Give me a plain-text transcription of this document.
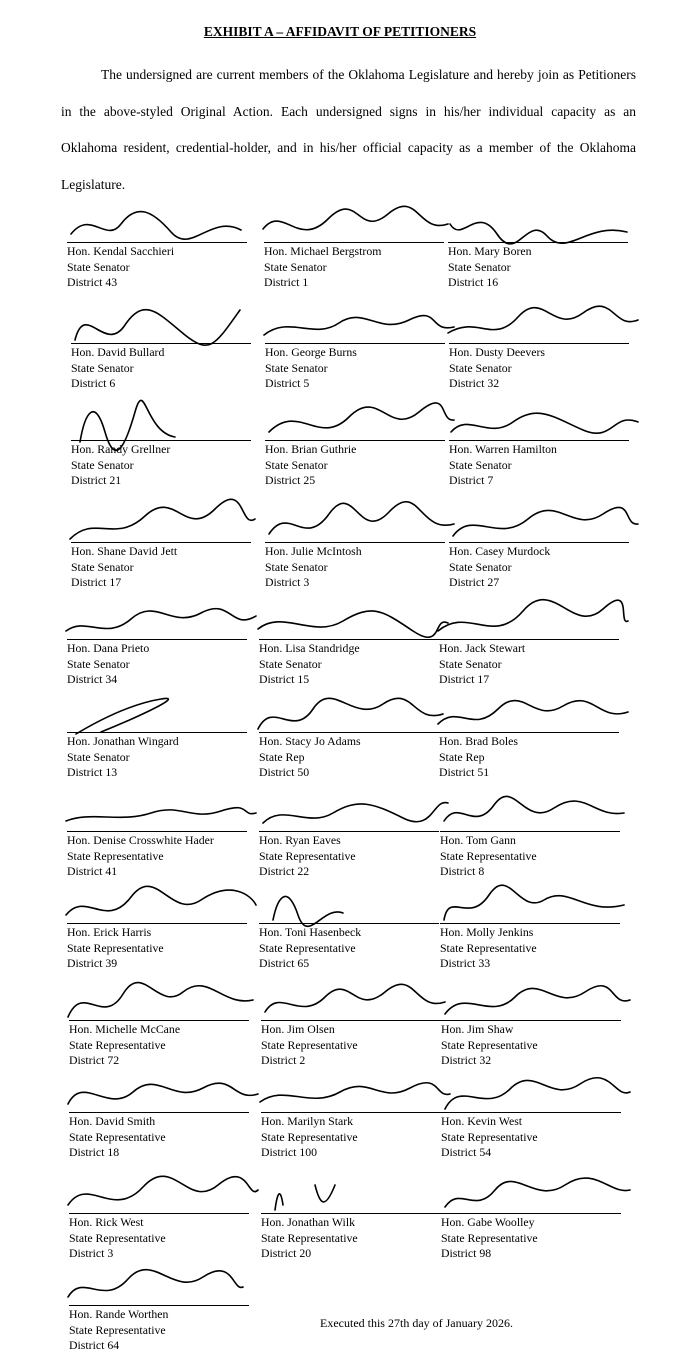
EXHIBIT A – AFFIDAVIT OF PETITIONERS
The undersigned are current members of the Oklahoma Legislature and hereby join as Petitioners in the above-styled Original Action. Each undersigned signs in his/her individual capacity as an Oklahoma resident, credential-holder, and in his/her official capacity as a member of the Oklahoma Legislature.
Hon. Kendal Sacchieri
State Senator
District 43
Hon. Michael Bergstrom
State Senator
District 1
Hon. Mary Boren
State Senator
District 16
Hon. David Bullard
State Senator
District 6
Hon. George Burns
State Senator
District 5
Hon. Dusty Deevers
State Senator
District 32
Hon. Randy Grellner
State Senator
District 21
Hon. Brian Guthrie
State Senator
District 25
Hon. Warren Hamilton
State Senator
District 7
Hon. Shane David Jett
State Senator
District 17
Hon. Julie McIntosh
State Senator
District 3
Hon. Casey Murdock
State Senator
District 27
Hon. Dana Prieto
State Senator
District 34
Hon. Lisa Standridge
State Senator
District 15
Hon. Jack Stewart
State Senator
District 17
Hon. Jonathan Wingard
State Senator
District 13
Hon. Stacy Jo Adams
State Rep
District 50
Hon. Brad Boles
State Rep
District 51
Hon. Denise Crosswhite Hader
State Representative
District 41
Hon. Ryan Eaves
State Representative
District 22
Hon. Tom Gann
State Representative
District 8
Hon. Erick Harris
State Representative
District 39
Hon. Toni Hasenbeck
State Representative
District 65
Hon. Molly Jenkins
State Representative
District 33
Hon. Michelle McCane
State Representative
District 72
Hon. Jim Olsen
State Representative
District 2
Hon. Jim Shaw
State Representative
District 32
Hon. David Smith
State Representative
District 18
Hon. Marilyn Stark
State Representative
District 100
Hon. Kevin West
State Representative
District 54
Hon. Rick West
State Representative
District 3
Hon. Jonathan Wilk
State Representative
District 20
Hon. Gabe Woolley
State Representative
District 98
Hon. Rande Worthen
State Representative
District 64
Executed this 27th day of January 2026.
